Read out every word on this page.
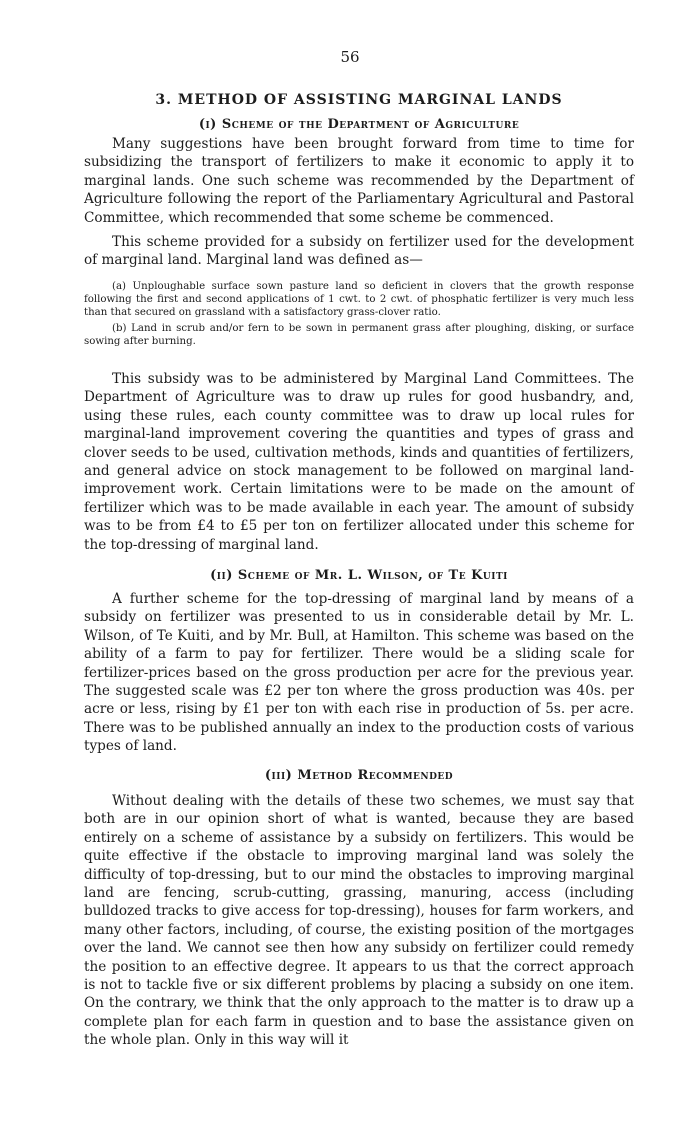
56
3. METHOD OF ASSISTING MARGINAL LANDS
(i) Scheme of the Department of Agriculture

Many suggestions have been brought forward from time to time for subsidizing the transport of fertilizers to make it economic to apply it to marginal lands. One such scheme was recommended by the Department of Agriculture following the report of the Parliamentary Agricultural and Pastoral Committee, which recommended that some scheme be commenced.

This scheme provided for a subsidy on fertilizer used for the development of marginal land. Marginal land was defined as—

(a) Unploughable surface sown pasture land so deficient in clovers that the growth response following the first and second applications of 1 cwt. to 2 cwt. of phosphatic fertilizer is very much less than that secured on grassland with a satisfactory grass-clover ratio.

(b) Land in scrub and/or fern to be sown in permanent grass after ploughing, disking, or surface sowing after burning.

This subsidy was to be administered by Marginal Land Committees. The Department of Agriculture was to draw up rules for good husbandry, and, using these rules, each county committee was to draw up local rules for marginal-land improvement covering the quantities and types of grass and clover seeds to be used, cultivation methods, kinds and quantities of fertilizers, and general advice on stock management to be followed on marginal land-improvement work. Certain limitations were to be made on the amount of fertilizer which was to be made available in each year. The amount of subsidy was to be from £4 to £5 per ton on fertilizer allocated under this scheme for the top-dressing of marginal land.

(ii) Scheme of Mr. L. Wilson, of Te Kuiti

A further scheme for the top-dressing of marginal land by means of a subsidy on fertilizer was presented to us in considerable detail by Mr. L. Wilson, of Te Kuiti, and by Mr. Bull, at Hamilton. This scheme was based on the ability of a farm to pay for fertilizer. There would be a sliding scale for fertilizer-prices based on the gross production per acre for the previous year. The suggested scale was £2 per ton where the gross production was 40s. per acre or less, rising by £1 per ton with each rise in production of 5s. per acre. There was to be published annually an index to the production costs of various types of land.

(iii) Method Recommended

Without dealing with the details of these two schemes, we must say that both are in our opinion short of what is wanted, because they are based entirely on a scheme of assistance by a subsidy on fertilizers. This would be quite effective if the obstacle to improving marginal land was solely the difficulty of top-dressing, but to our mind the obstacles to improving marginal land are fencing, scrub-cutting, grassing, manuring, access (including bulldozed tracks to give access for top-dressing), houses for farm workers, and many other factors, including, of course, the existing position of the mortgages over the land. We cannot see then how any subsidy on fertilizer could remedy the position to an effective degree. It appears to us that the correct approach is not to tackle five or six different problems by placing a subsidy on one item. On the contrary, we think that the only approach to the matter is to draw up a complete plan for each farm in question and to base the assistance given on the whole plan. Only in this way will it
